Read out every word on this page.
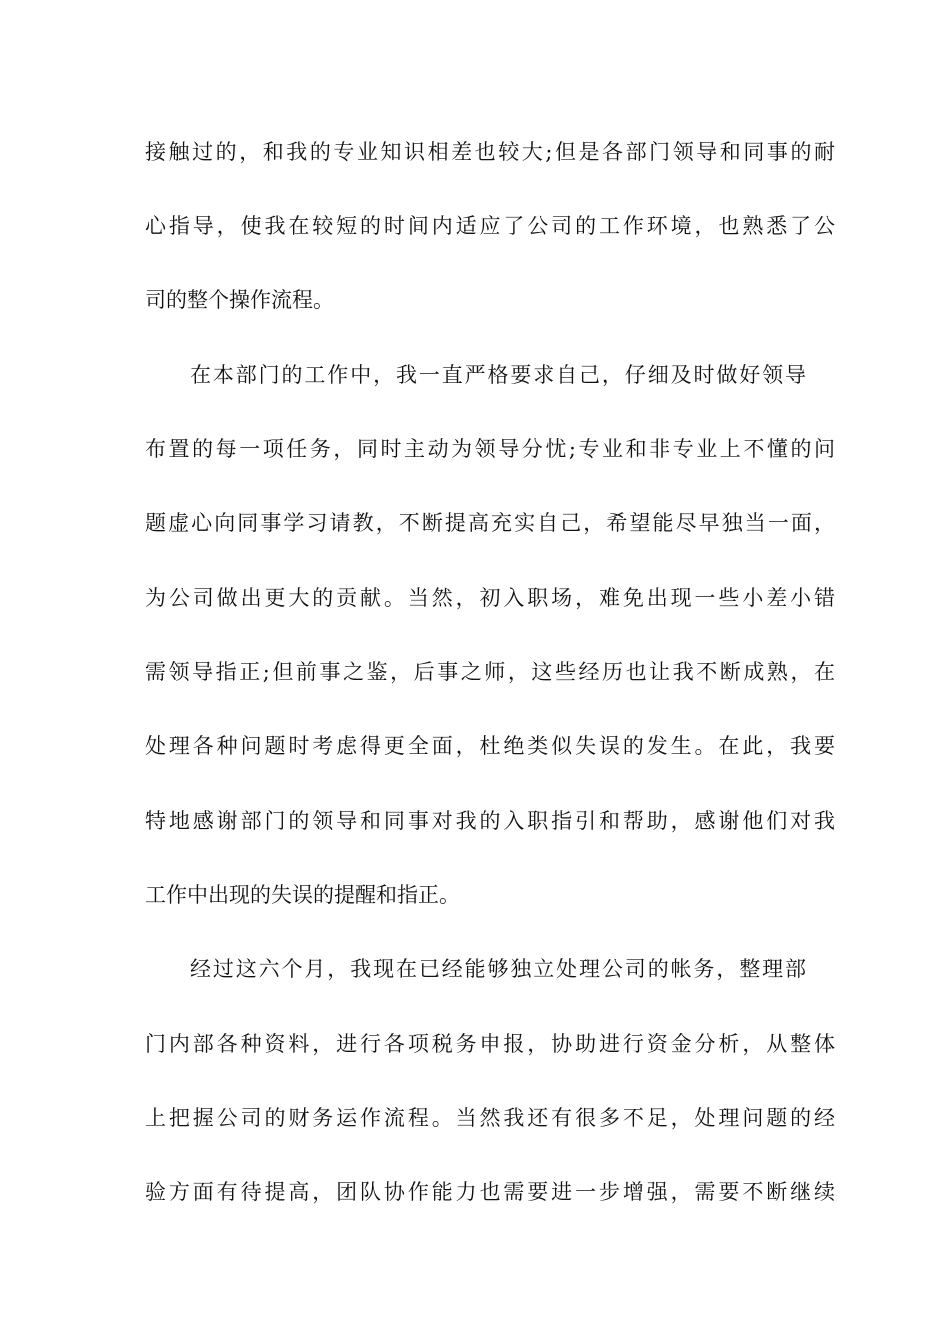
接触过的，和我的专业知识相差也较大;但是各部门领导和同事的耐
心指导，使我在较短的时间内适应了公司的工作环境，也熟悉了公
司的整个操作流程。
在本部门的工作中，我一直严格要求自己，仔细及时做好领导
布置的每一项任务，同时主动为领导分忧;专业和非专业上不懂的问
题虚心向同事学习请教，不断提高充实自己，希望能尽早独当一面，
为公司做出更大的贡献。当然，初入职场，难免出现一些小差小错
需领导指正;但前事之鉴，后事之师，这些经历也让我不断成熟，在
处理各种问题时考虑得更全面，杜绝类似失误的发生。在此，我要
特地感谢部门的领导和同事对我的入职指引和帮助，感谢他们对我
工作中出现的失误的提醒和指正。
经过这六个月，我现在已经能够独立处理公司的帐务，整理部
门内部各种资料，进行各项税务申报，协助进行资金分析，从整体
上把握公司的财务运作流程。当然我还有很多不足，处理问题的经
验方面有待提高，团队协作能力也需要进一步增强，需要不断继续
